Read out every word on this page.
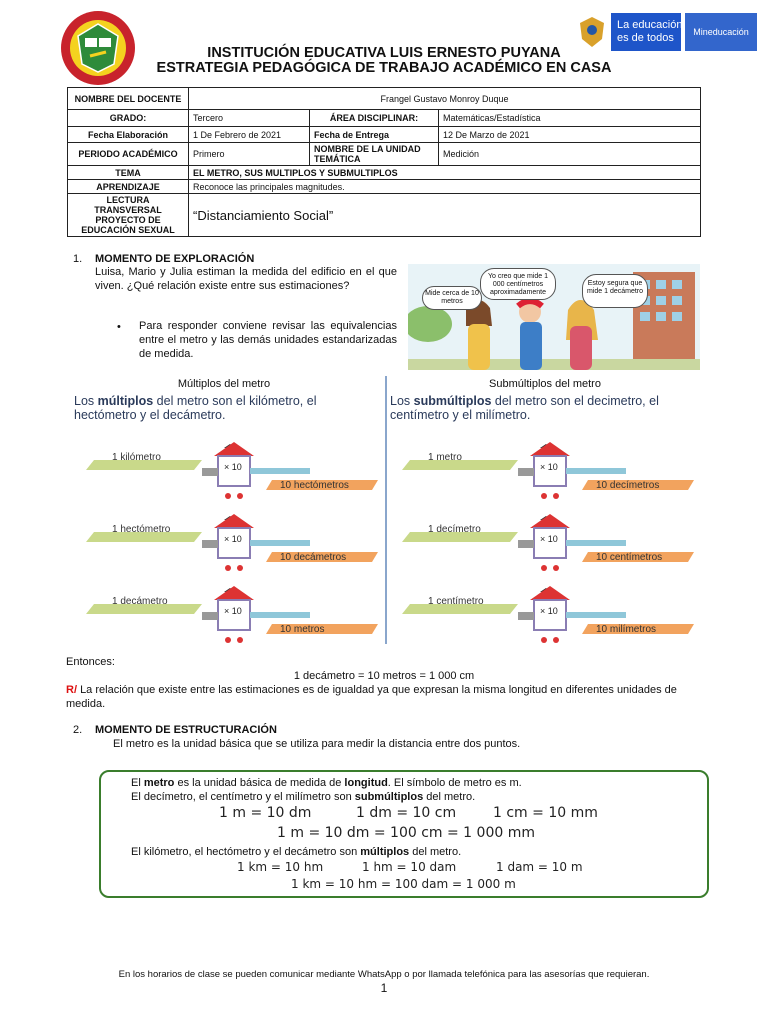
La educación
es de todos	Mineducación
INSTITUCIÓN EDUCATIVA LUIS ERNESTO PUYANA
ESTRATEGIA PEDAGÓGICA DE TRABAJO ACADÉMICO EN CASA
NOMBRE DEL DOCENTE	Frangel Gustavo Monroy Duque		
GRADO:	Tercero	ÁREA DISCIPLINAR:	Matemáticas/Estadística
Fecha Elaboración	1 De Febrero de 2021	Fecha de Entrega	12 De Marzo de 2021
PERIODO ACADÉMICO	Primero	NOMBRE DE LA UNIDAD TEMÁTICA	Medición
TEMA	EL METRO, SUS MULTIPLOS Y SUBMULTIPLOS		
APRENDIZAJE	Reconoce las principales magnitudes.		
LECTURA TRANSVERSAL PROYECTO DE EDUCACIÓN SEXUAL	“Distanciamiento Social”		
1. MOMENTO DE EXPLORACIÓN
Luisa, Mario y Julia estiman la medida del edificio en el que viven. ¿Qué relación existe entre sus estimaciones?
• Para responder conviene revisar las equivalencias entre el metro y las demás unidades estandarizadas de medida.
Mide cerca de 10 metros
Yo creo que mide 1 000 centímetros aproximadamente
Estoy segura que mide 1 decámetro
Múltiplos del metro
Los múltiplos del metro son el kilómetro, el hectómetro y el decámetro.
Submúltiplos del metro
Los submúltiplos del metro son el decimetro, el centímetro y el milímetro.
1 kilómetro
× 10
10 hectómetros
1 hectómetro
× 10
10 decámetros
1 decámetro
× 10
10 metros
1 metro
× 10
10 decímetros
1 decímetro
× 10
10 centímetros
1 centímetro
× 10
10 milímetros
Entonces:
1 decámetro = 10 metros = 1 000 cm
R/ La relación que existe entre las estimaciones es de igualdad ya que expresan la misma longitud en diferentes unidades de medida.
2. MOMENTO DE ESTRUCTURACIÓN
El metro es la unidad básica que se utiliza para medir la distancia entre dos puntos.
El metro es la unidad básica de medida de longitud. El símbolo de metro es m.
El decímetro, el centímetro y el milímetro son submúltiplos del metro.
1 m = 10 dm	1 dm = 10 cm	1 cm = 10 mm
1 m = 10 dm = 100 cm = 1 000 mm
El kilómetro, el hectómetro y el decámetro son múltiplos del metro.
1 km = 10 hm	1 hm = 10 dam	1 dam = 10 m
1 km = 10 hm = 100 dam = 1 000 m
En los horarios de clase se pueden comunicar mediante WhatsApp o por llamada telefónica para las asesorías que requieran.
1
